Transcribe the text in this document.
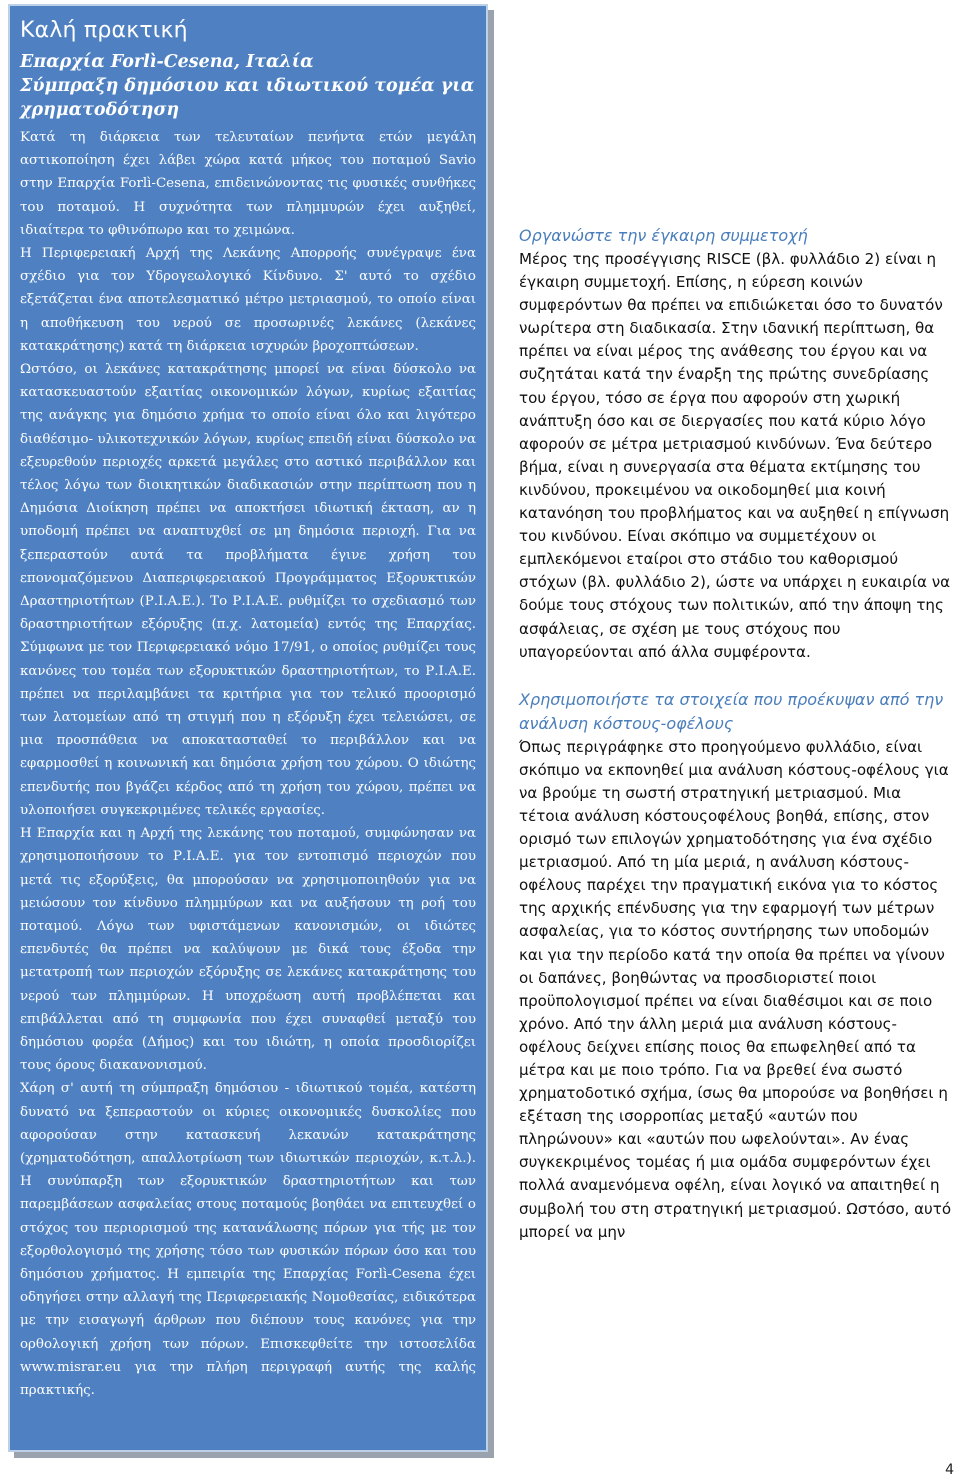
Καλή πρακτική

Επαρχία Forlì-Cesena, Ιταλία

Σύμπραξη δημόσιου και ιδιωτικού τομέα για χρηματοδότηση

Κατά τη διάρκεια των τελευταίων πενήντα ετών μεγάλη αστικοποίηση έχει λάβει χώρα κατά μήκος του ποταμού Savio στην Επαρχία Forlì-Cesena, επιδεινώνοντας τις φυσικές συνθήκες του ποταμού. Η συχνότητα των πλημμυρών έχει αυξηθεί, ιδιαίτερα το φθινόπωρο και το χειμώνα.

Η Περιφερειακή Αρχή της Λεκάνης Απορροής συνέγραψε ένα σχέδιο για τον Υδρογεωλογικό Κίνδυνο. Σ' αυτό το σχέδιο εξετάζεται ένα αποτελεσματικό μέτρο μετριασμού, το οποίο είναι η αποθήκευση του νερού σε προσωρινές λεκάνες (λεκάνες κατακράτησης) κατά τη διάρκεια ισχυρών βροχοπτώσεων.

Ωστόσο, οι λεκάνες κατακράτησης μπορεί να είναι δύσκολο να κατασκευαστούν εξαιτίας οικονομικών λόγων, κυρίως εξαιτίας της ανάγκης για δημόσιο χρήμα το οποίο είναι όλο και λιγότερο διαθέσιμο- υλικοτεχνικών λόγων, κυρίως επειδή είναι δύσκολο να εξευρεθούν περιοχές αρκετά μεγάλες στο αστικό περιβάλλον και τέλος λόγω των διοικητικών διαδικασιών στην περίπτωση που η Δημόσια Διοίκηση πρέπει να αποκτήσει ιδιωτική έκταση, αν η υποδομή πρέπει να αναπτυχθεί σε μη δημόσια περιοχή. Για να ξεπεραστούν αυτά τα προβλήματα έγινε χρήση του επονομαζόμενου Διαπεριφερειακού Προγράμματος Εξορυκτικών Δραστηριοτήτων (Ρ.Ι.Α.Ε.). Το Ρ.Ι.Α.Ε. ρυθμίζει το σχεδιασμό των δραστηριοτήτων εξόρυξης (π.χ. λατομεία) εντός της Επαρχίας. Σύμφωνα με τον Περιφερειακό νόμο 17/91, ο οποίος ρυθμίζει τους κανόνες του τομέα των εξορυκτικών δραστηριοτήτων, το Ρ.Ι.Α.Ε. πρέπει να περιλαμβάνει τα κριτήρια για τον τελικό προορισμό των λατομείων από τη στιγμή που η εξόρυξη έχει τελειώσει, σε μια προσπάθεια να αποκατασταθεί το περιβάλλον και να εφαρμοσθεί η κοινωνική και δημόσια χρήση του χώρου. Ο ιδιώτης επενδυτής που βγάζει κέρδος από τη χρήση του χώρου, πρέπει να υλοποιήσει συγκεκριμένες τελικές εργασίες.

Η Επαρχία και η Αρχή της λεκάνης του ποταμού, συμφώνησαν να χρησιμοποιήσουν το Ρ.Ι.Α.Ε. για τον εντοπισμό περιοχών που μετά τις εξορύξεις, θα μπορούσαν να χρησιμοποιηθούν για να μειώσουν τον κίνδυνο πλημμύρων και να αυξήσουν τη ροή του ποταμού. Λόγω των υφιστάμενων κανονισμών, οι ιδιώτες επενδυτές θα πρέπει να καλύψουν με δικά τους έξοδα την μετατροπή των περιοχών εξόρυξης σε λεκάνες κατακράτησης του νερού των πλημμύρων. Η υποχρέωση αυτή προβλέπεται και επιβάλλεται από τη συμφωνία που έχει συναφθεί μεταξύ του δημόσιου φορέα (Δήμος) και του ιδιώτη, η οποία προσδιορίζει τους όρους διακανονισμού.

Χάρη σ' αυτή τη σύμπραξη δημόσιου - ιδιωτικού τομέα, κατέστη δυνατό να ξεπεραστούν οι κύριες οικονομικές δυσκολίες που αφορούσαν στην κατασκευή λεκανών κατακράτησης (χρηματοδότηση, απαλλοτρίωση των ιδιωτικών περιοχών, κ.τ.λ.). Η συνύπαρξη των εξορυκτικών δραστηριοτήτων και των παρεμβάσεων ασφαλείας στους ποταμούς βοηθάει να επιτευχθεί ο στόχος του περιορισμού της κατανάλωσης πόρων για τής με τον εξορθολογισμό της χρήσης τόσο των φυσικών πόρων όσο και του δημόσιου χρήματος. Η εμπειρία της Επαρχίας Forlì-Cesena έχει οδηγήσει στην αλλαγή της Περιφερειακής Νομοθεσίας, ειδικότερα με την εισαγωγή άρθρων που διέπουν τους κανόνες για την ορθολογική χρήση των πόρων. Επισκεφθείτε την ιστοσελίδα www.misrar.eu για την πλήρη περιγραφή αυτής της καλής πρακτικής.

Οργανώστε την έγκαιρη συμμετοχή

Μέρος της προσέγγισης RISCE (βλ. φυλλάδιο 2) είναι η έγκαιρη συμμετοχή. Επίσης, η εύρεση κοινών συμφερόντων θα πρέπει να επιδιώκεται όσο το δυνατόν νωρίτερα στη διαδικασία. Στην ιδανική περίπτωση, θα πρέπει να είναι μέρος της ανάθεσης του έργου και να συζητάται κατά την έναρξη της πρώτης συνεδρίασης του έργου, τόσο σε έργα που αφορούν στη χωρική ανάπτυξη όσο και σε διεργασίες που κατά κύριο λόγο αφορούν σε μέτρα μετριασμού κινδύνων. Ένα δεύτερο βήμα, είναι η συνεργασία στα θέματα εκτίμησης του κινδύνου, προκειμένου να οικοδομηθεί μια κοινή κατανόηση του προβλήματος και να αυξηθεί η επίγνωση του κινδύνου. Είναι σκόπιμο να συμμετέχουν οι εμπλεκόμενοι εταίροι στο στάδιο του καθορισμού στόχων (βλ. φυλλάδιο 2), ώστε να υπάρχει η ευκαιρία να δούμε τους στόχους των πολιτικών, από την άποψη της ασφάλειας, σε σχέση με τους στόχους που υπαγορεύονται από άλλα συμφέροντα.

Χρησιμοποιήστε τα στοιχεία που προέκυψαν από την ανάλυση κόστους-οφέλους

Όπως περιγράφηκε στο προηγούμενο φυλλάδιο, είναι σκόπιμο να εκπονηθεί μια ανάλυση κόστους-οφέλους για να βρούμε τη σωστή στρατηγική μετριασμού. Μια τέτοια ανάλυση κόστουςοφέλους βοηθά, επίσης, στον ορισμό των επιλογών χρηματοδότησης για ένα σχέδιο μετριασμού. Από τη μία μεριά, η ανάλυση κόστους-οφέλους παρέχει την πραγματική εικόνα για το κόστος της αρχικής επένδυσης για την εφαρμογή των μέτρων ασφαλείας, για το κόστος συντήρησης των υποδομών και για την περίοδο κατά την οποία θα πρέπει να γίνουν οι δαπάνες, βοηθώντας να προσδιοριστεί ποιοι προϋπολογισμοί πρέπει να είναι διαθέσιμοι και σε ποιο χρόνο. Από την άλλη μεριά μια ανάλυση κόστους-οφέλους δείχνει επίσης ποιος θα επωφεληθεί από τα μέτρα και με ποιο τρόπο. Για να βρεθεί ένα σωστό χρηματοδοτικό σχήμα, ίσως θα μπορούσε να βοηθήσει η εξέταση της ισορροπίας μεταξύ «αυτών που πληρώνουν» και «αυτών που ωφελούνται». Αν ένας συγκεκριμένος τομέας ή μια ομάδα συμφερόντων έχει πολλά αναμενόμενα οφέλη, είναι λογικό να απαιτηθεί η συμβολή του στη στρατηγική μετριασμού. Ωστόσο, αυτό μπορεί να μην

4
